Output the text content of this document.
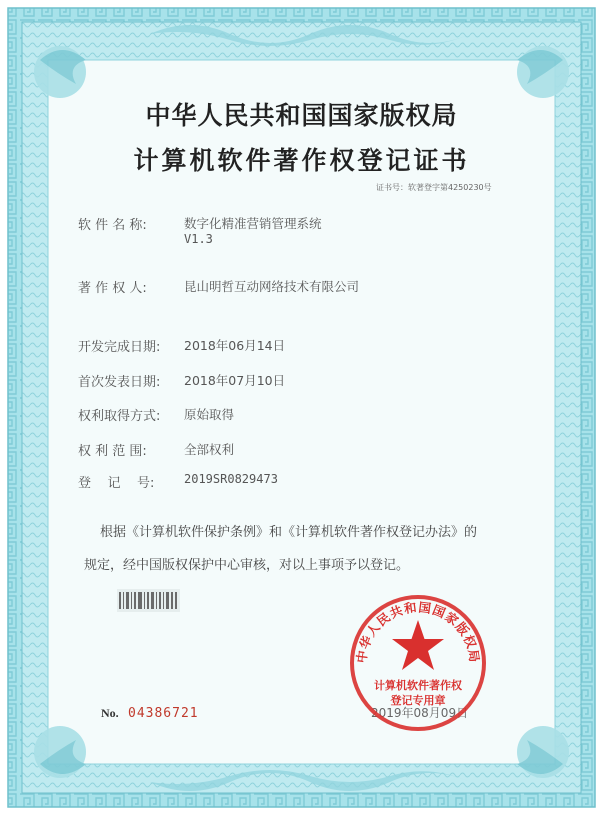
中华人民共和国国家版权局
计算机软件著作权登记证书
证书号：软著登字第4250230号
软 件 名 称:	数字化精准营销管理系统
V1.3
著 作 权 人:	昆山明哲互动网络技术有限公司
开发完成日期: 2018年06月14日
首次发表日期: 2018年07月10日
权利取得方式: 原始取得
权 利 范 围:	全部权利
登    记    号: 2019SR0829473
根据《计算机软件保护条例》和《计算机软件著作权登记办法》的
规定，经中国版权保护中心审核，对以上事项予以登记。
No. 04386721	2019年08月09日
中华人民共和国国家版权局
计算机软件著作权
登记专用章
